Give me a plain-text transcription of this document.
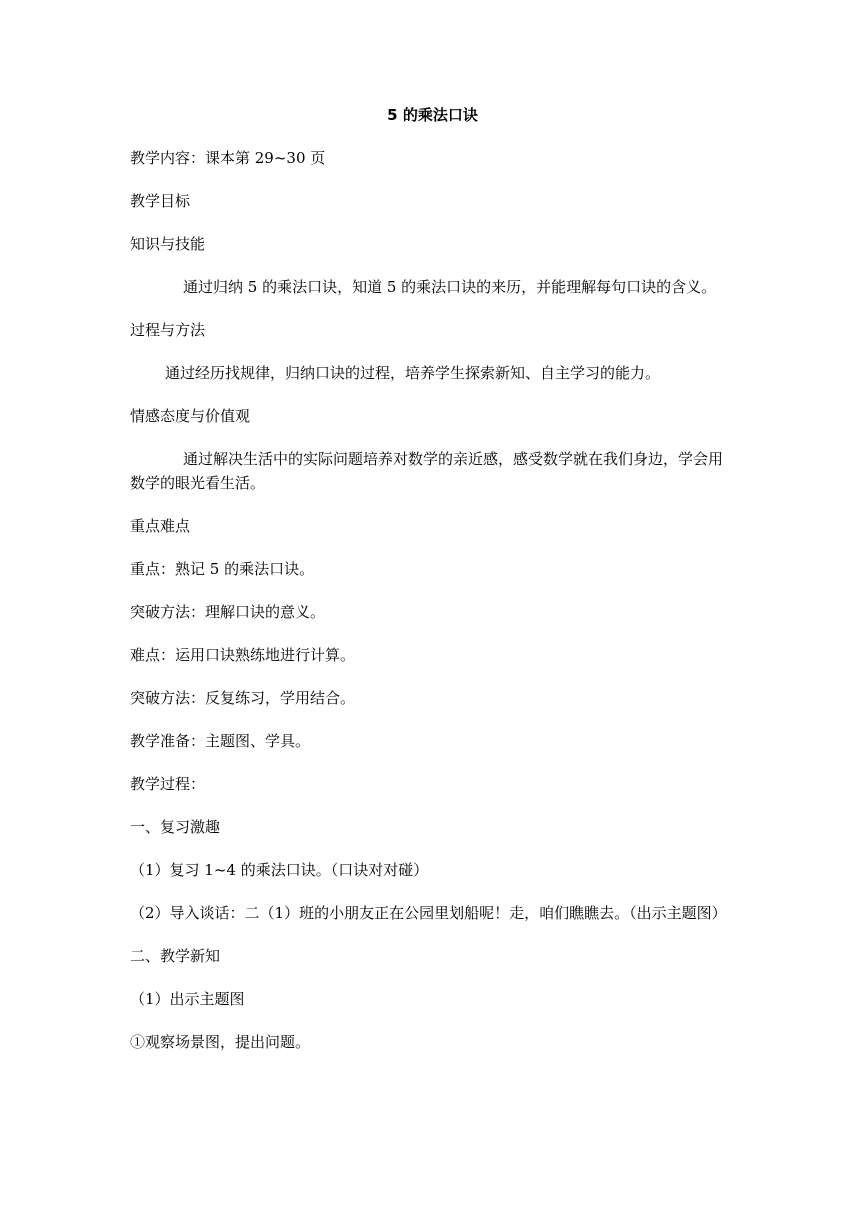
5 的乘法口诀
教学内容：课本第 29~30 页
教学目标
知识与技能
通过归纳 5 的乘法口诀，知道 5 的乘法口诀的来历，并能理解每句口诀的含义。
过程与方法
通过经历找规律，归纳口诀的过程，培养学生探索新知、自主学习的能力。
情感态度与价值观
通过解决生活中的实际问题培养对数学的亲近感，感受数学就在我们身边，学会用数学的眼光看生活。
重点难点
重点：熟记 5 的乘法口诀。
突破方法：理解口诀的意义。
难点：运用口诀熟练地进行计算。
突破方法：反复练习，学用结合。
教学准备：主题图、学具。
教学过程：
一、复习激趣
（1）复习 1~4 的乘法口诀。（口诀对对碰）
（2）导入谈话：二（1）班的小朋友正在公园里划船呢！走，咱们瞧瞧去。（出示主题图）
二、教学新知
（1）出示主题图
①观察场景图，提出问题。
